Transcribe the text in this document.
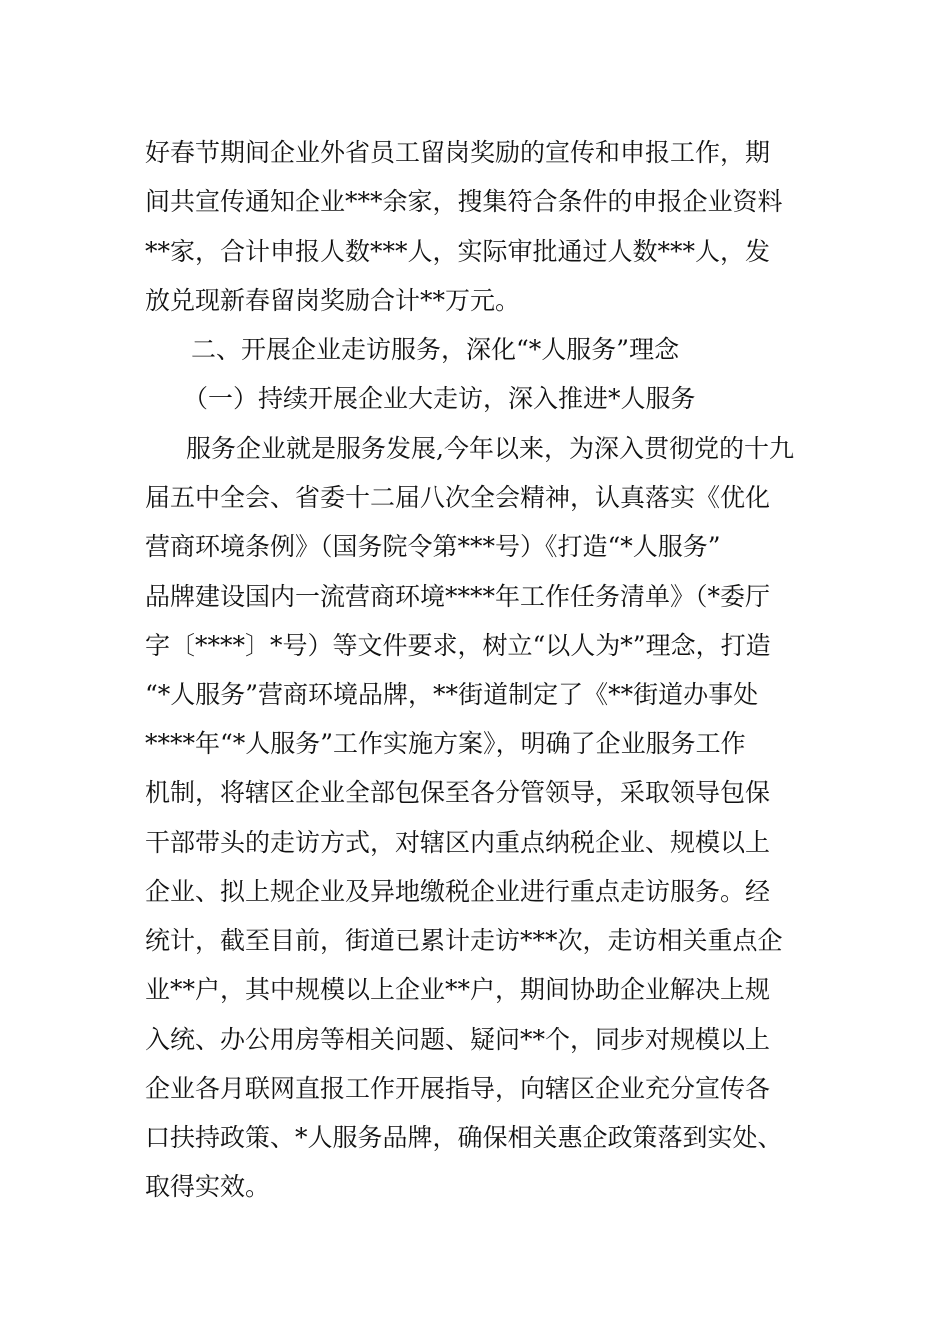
好春节期间企业外省员工留岗奖励的宣传和申报工作，期

间共宣传通知企业***余家，搜集符合条件的申报企业资料

**家，合计申报人数***人，实际审批通过人数***人，发

放兑现新春留岗奖励合计**万元。

二、开展企业走访服务，深化“*人服务”理念

（一）持续开展企业大走访，深入推进*人服务

服务企业就是服务发展,今年以来，为深入贯彻党的十九

届五中全会、省委十二届八次全会精神，认真落实《优化

营商环境条例》（国务院令第***号）《打造“*人服务”

品牌建设国内一流营商环境****年工作任务清单》（*委厅

字〔****〕*号）等文件要求，树立“以人为*”理念，打造

“*人服务”营商环境品牌，**街道制定了《**街道办事处

****年“*人服务”工作实施方案》，明确了企业服务工作

机制，将辖区企业全部包保至各分管领导，采取领导包保

干部带头的走访方式，对辖区内重点纳税企业、规模以上

企业、拟上规企业及异地缴税企业进行重点走访服务。经

统计，截至目前，街道已累计走访***次，走访相关重点企

业**户，其中规模以上企业**户，期间协助企业解决上规

入统、办公用房等相关问题、疑问**个，同步对规模以上

企业各月联网直报工作开展指导，向辖区企业充分宣传各

口扶持政策、*人服务品牌，确保相关惠企政策落到实处、

取得实效。
